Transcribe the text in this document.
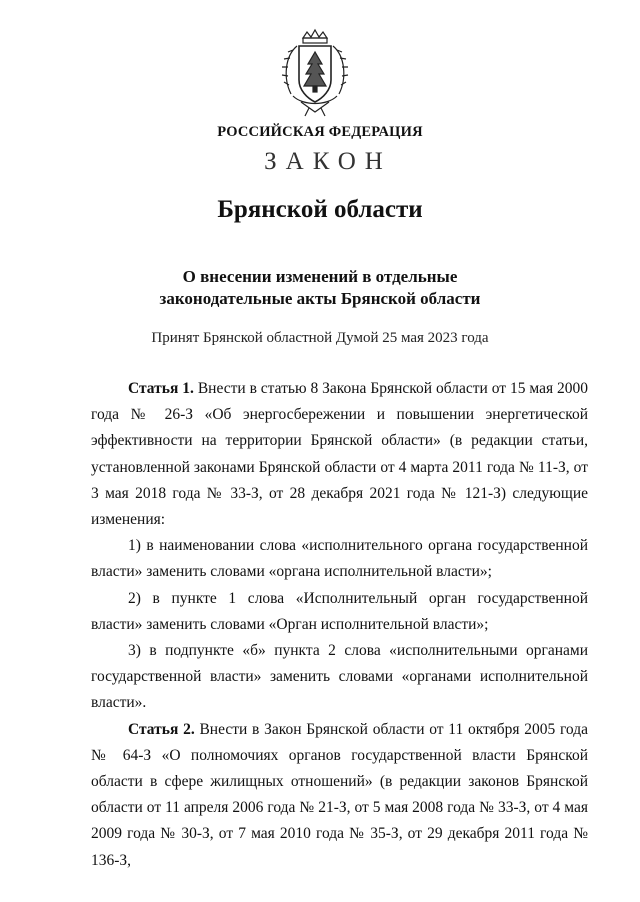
РОССИЙСКАЯ ФЕДЕРАЦИЯ
ЗАКОН
Брянской области
О внесении изменений в отдельные
законодательные акты Брянской области
Принят Брянской областной Думой 25 мая 2023 года

Статья 1. Внести в статью 8 Закона Брянской области от 15 мая 2000 года № 26-З «Об энергосбережении и повышении энергетической эффективности на территории Брянской области» (в редакции статьи, установленной законами Брянской области от 4 марта 2011 года № 11-З, от 3 мая 2018 года № 33-З, от 28 декабря 2021 года № 121-З) следующие изменения:

1) в наименовании слова «исполнительного органа государственной власти» заменить словами «органа исполнительной власти»;

2) в пункте 1 слова «Исполнительный орган государственной власти» заменить словами «Орган исполнительной власти»;

3) в подпункте «б» пункта 2 слова «исполнительными органами государственной власти» заменить словами «органами исполнительной власти».

Статья 2. Внести в Закон Брянской области от 11 октября 2005 года № 64-З «О полномочиях органов государственной власти Брянской области в сфере жилищных отношений» (в редакции законов Брянской области от 11 апреля 2006 года № 21-З, от 5 мая 2008 года № 33-З, от 4 мая 2009 года № 30-З, от 7 мая 2010 года № 35-З, от 29 декабря 2011 года № 136-З,
